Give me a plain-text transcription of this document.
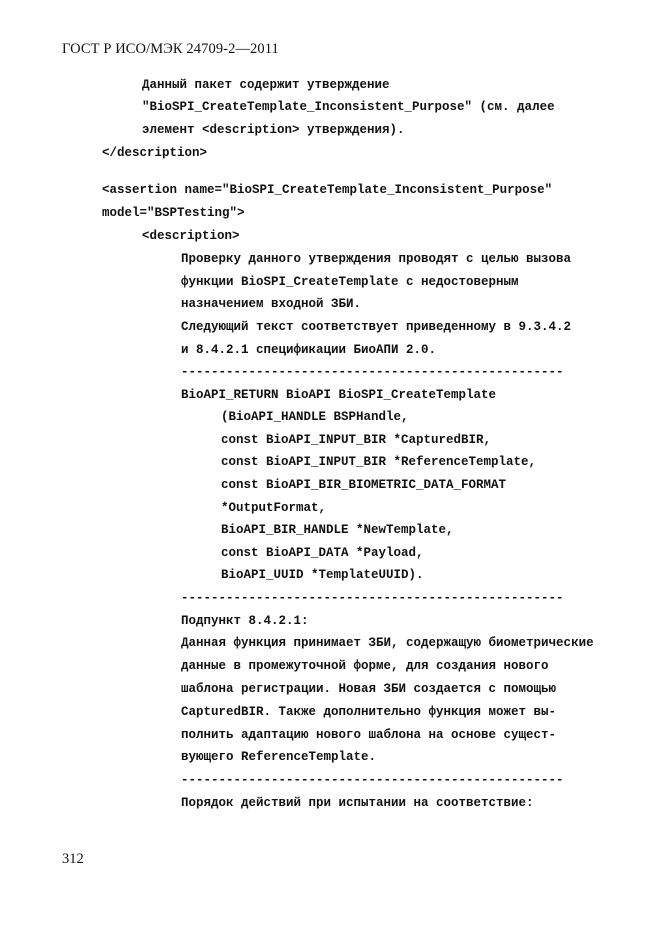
ГОСТ Р ИСО/МЭК 24709-2—2011
Данный пакет содержит утверждение
"BioSPI_CreateTemplate_Inconsistent_Purpose" (см. далее
элемент <description> утверждения).
</description>
<assertion name="BioSPI_CreateTemplate_Inconsistent_Purpose"
model="BSPTesting">
<description>
Проверку данного утверждения проводят с целью вызова
функции BioSPI_CreateTemplate с недостоверным
назначением входной ЗБИ.
Следующий текст соответствует приведенному в 9.3.4.2
и 8.4.2.1 спецификации БиоАПИ 2.0.
---------------------------------------------------
BioAPI_RETURN BioAPI BioSPI_CreateTemplate
(BioAPI_HANDLE BSPHandle,
const BioAPI_INPUT_BIR *CapturedBIR,
const BioAPI_INPUT_BIR *ReferenceTemplate,
const BioAPI_BIR_BIOMETRIC_DATA_FORMAT
*OutputFormat,
BioAPI_BIR_HANDLE *NewTemplate,
const BioAPI_DATA *Payload,
BioAPI_UUID *TemplateUUID).
---------------------------------------------------
Подпункт 8.4.2.1:
Данная функция принимает ЗБИ, содержащую биометрические
данные в промежуточной форме, для создания нового
шаблона регистрации. Новая ЗБИ создается с помощью
CapturedBIR. Также дополнительно функция может вы-
полнить адаптацию нового шаблона на основе сущест-
вующего ReferenceTemplate.
---------------------------------------------------
Порядок действий при испытании на соответствие:
312
